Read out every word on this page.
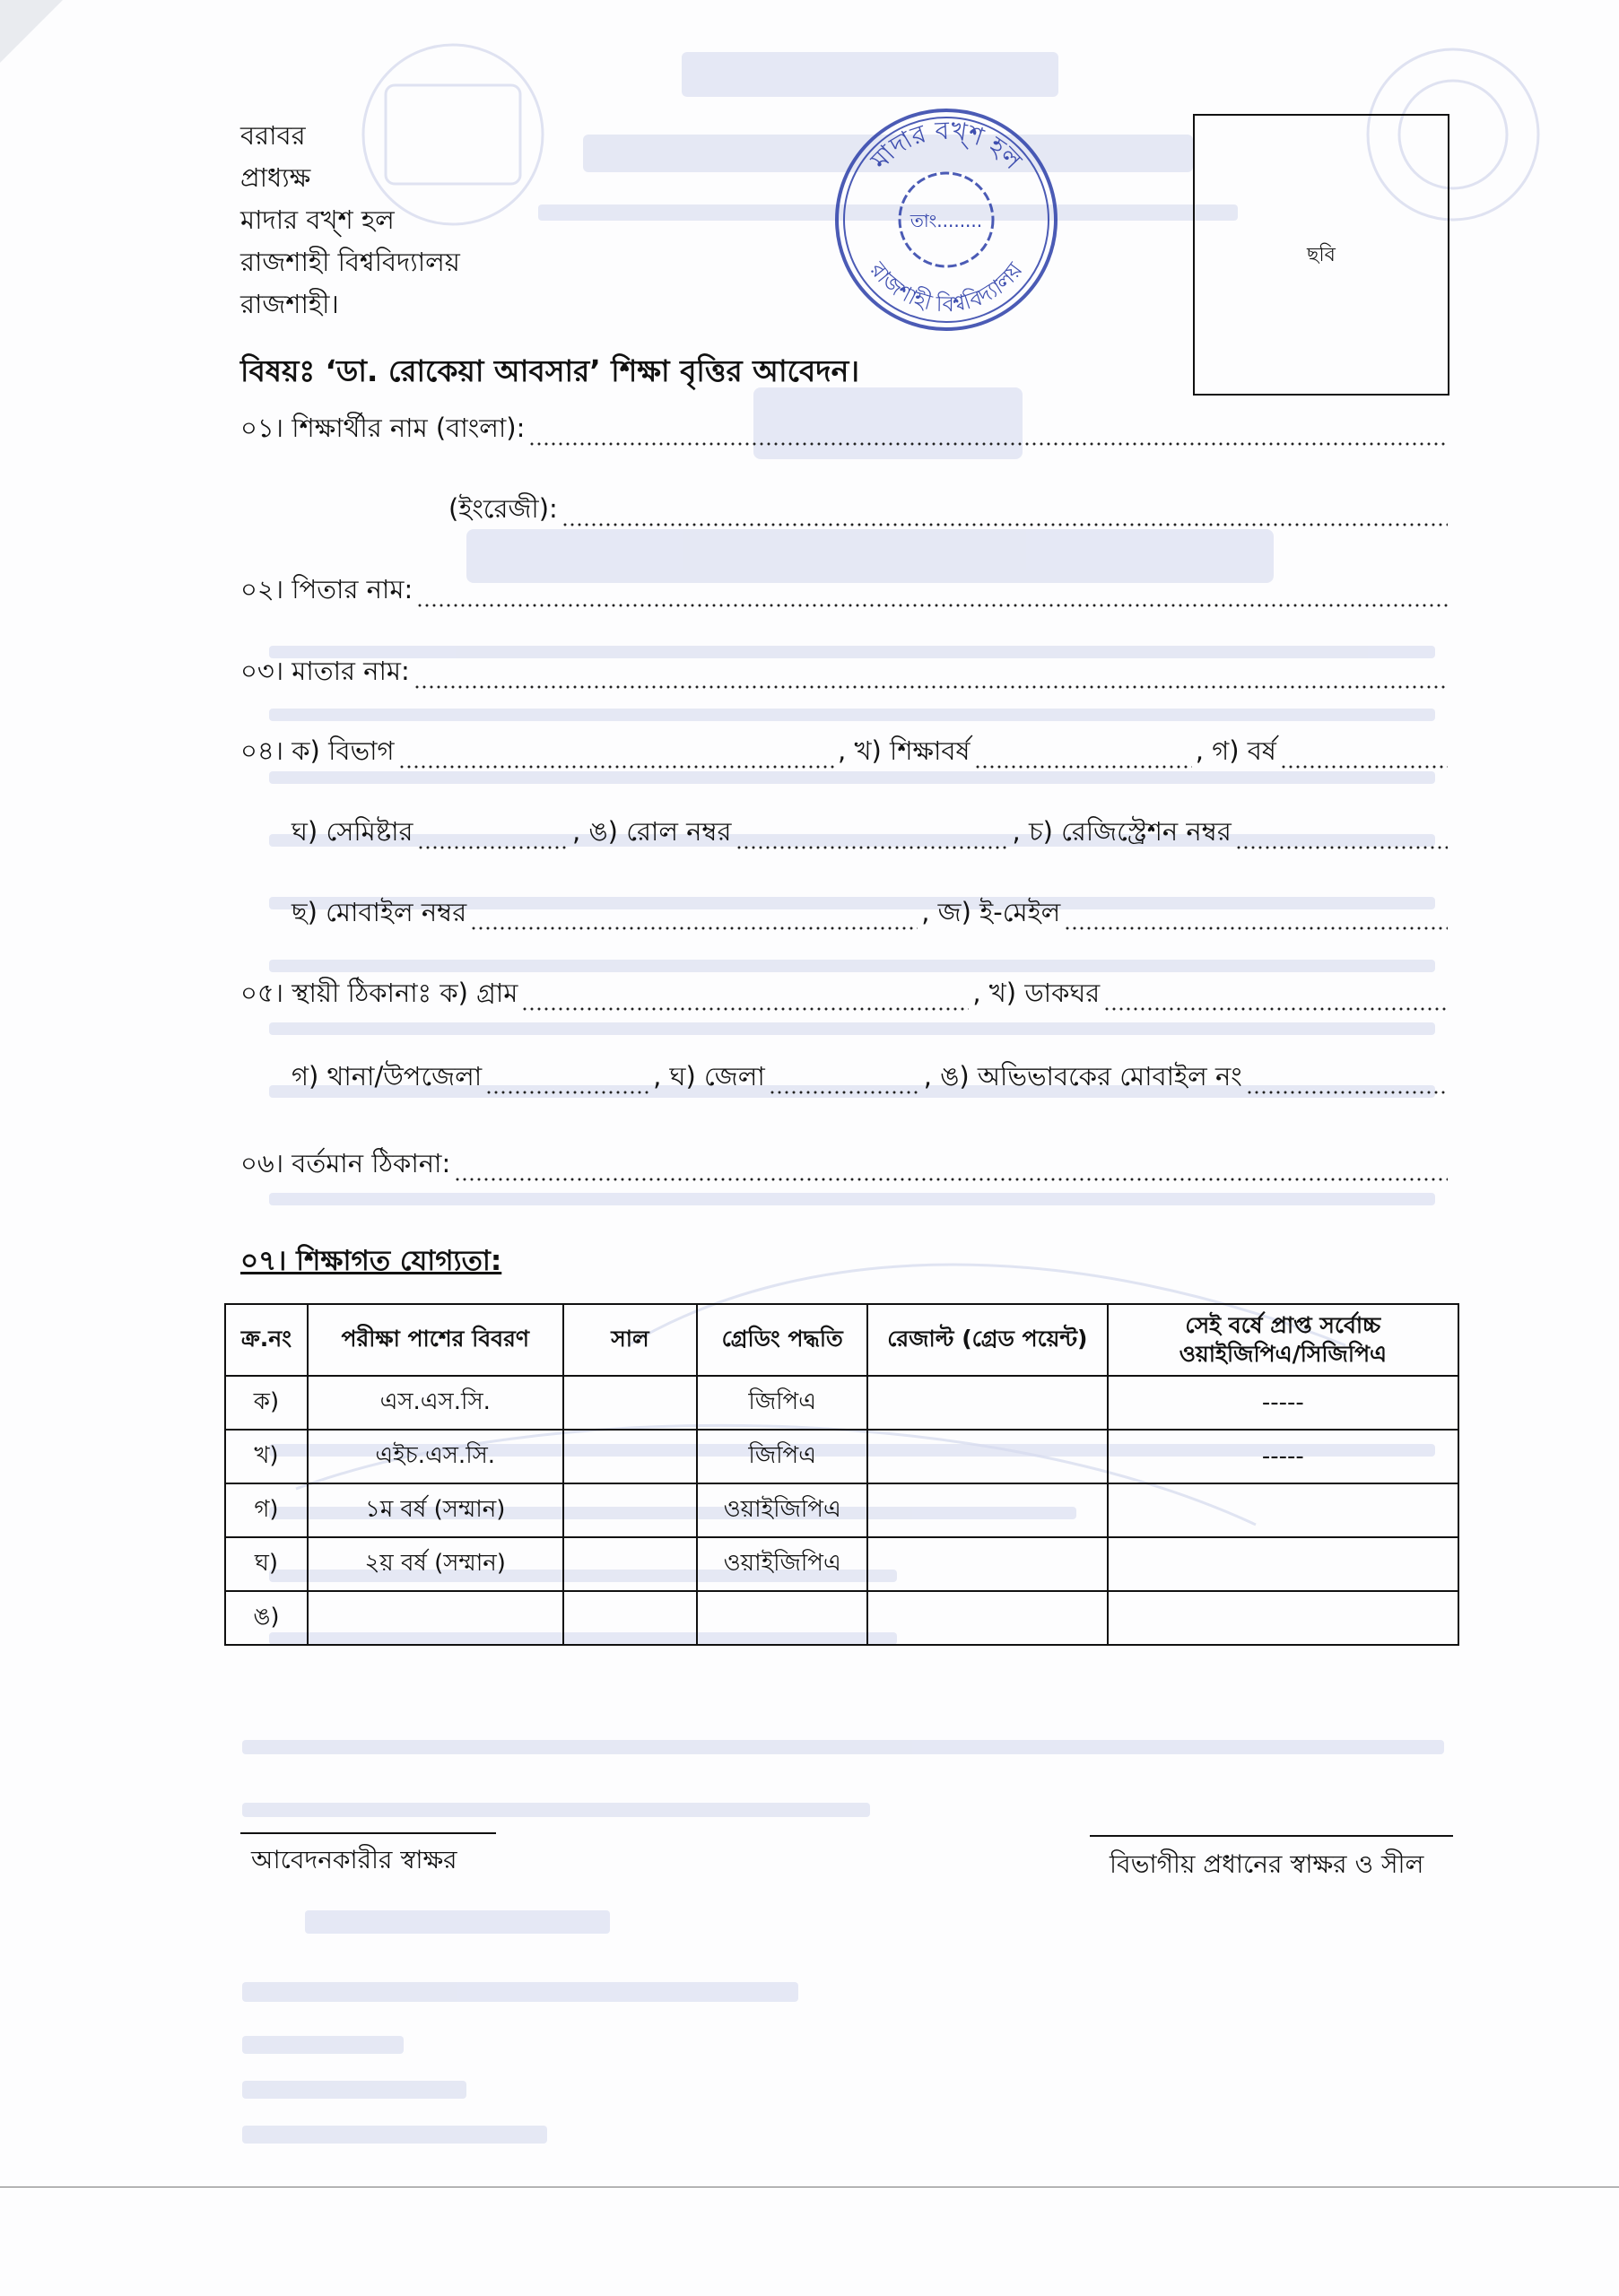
বরাবর
প্রাধ্যক্ষ
মাদার বখ্‌শ হল
রাজশাহী বিশ্ববিদ্যালয়
রাজশাহী।
মাদার বখ্‌শ হল
রাজশাহী বিশ্ববিদ্যালয়
তাং........
ছবি
বিষয়ঃ ‘ডা. রোকেয়া আবসার’ শিক্ষা বৃত্তির আবেদন।
০১। শিক্ষার্থীর নাম (বাংলা):
(ইংরেজী):
০২। পিতার নাম:
০৩। মাতার নাম:
০৪। ক) বিভাগ	, খ) শিক্ষাবর্ষ	, গ) বর্ষ
ঘ) সেমিষ্টার	, ঙ) রোল নম্বর	, চ) রেজিস্ট্রেশন নম্বর
ছ) মোবাইল নম্বর	, জ) ই-মেইল
০৫। স্থায়ী ঠিকানাঃ ক) গ্রাম	, খ) ডাকঘর
গ) থানা/উপজেলা	, ঘ) জেলা	, ঙ) অভিভাবকের মোবাইল নং
০৬। বর্তমান ঠিকানা:
০৭। শিক্ষাগত যোগ্যতা:
ক্র.নং	পরীক্ষা পাশের বিবরণ	সাল	গ্রেডিং পদ্ধতি	রেজাল্ট (গ্রেড পয়েন্ট)	সেই বর্ষে প্রাপ্ত সর্বোচ্চ
ওয়াইজিপিএ/সিজিপিএ

ক)	এস.এস.সি.		জিপিএ		-----
খ)	এইচ.এস.সি.		জিপিএ		-----
গ)	১ম বর্ষ (সম্মান)		ওয়াইজিপিএ		
ঘ)	২য় বর্ষ (সম্মান)		ওয়াইজিপিএ		
ঙ)					
আবেদনকারীর স্বাক্ষর	বিভাগীয় প্রধানের স্বাক্ষর ও সীল
